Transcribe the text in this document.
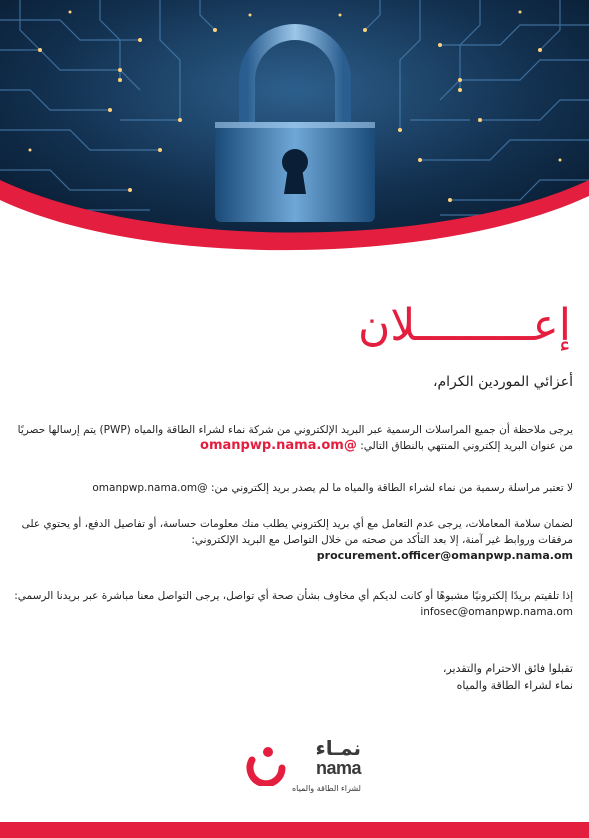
إعـــــــــلان
أعزائي الموردين الكرام،
يرجى ملاحظة أن جميع المراسلات الرسمية عبر البريد الإلكتروني من شركة نماء لشراء الطاقة والمياه (PWP) يتم إرسالها حصريًا من عنوان البريد إلكتروني المنتهي بالنطاق التالي: @omanpwp.nama.om
لا تعتبر مراسلة رسمية من نماء لشراء الطاقة والمياه ما لم يصدر بريد إلكتروني من: @omanpwp.nama.om
لضمان سلامة المعاملات، يرجى عدم التعامل مع أي بريد إلكتروني يطلب منك معلومات حساسة، أو تفاصيل الدفع، أو يحتوي على مرفقات وروابط غير آمنة، إلا بعد التأكد من صحته من خلال التواصل مع البريد الإلكتروني:
procurement.officer@omanpwp.nama.om
إذا تلقيتم بريدًا إلكترونيًا مشبوهًا أو كانت لديكم أي مخاوف بشأن صحة أي تواصل، يرجى التواصل معنا مباشرة عبر بريدنا الرسمي:
infosec@omanpwp.nama.om
تقبلوا فائق الاحترام والتقدير،
نماء لشراء الطاقة والمياه
نمـاء
nama
لشراء الطاقة والمياه
